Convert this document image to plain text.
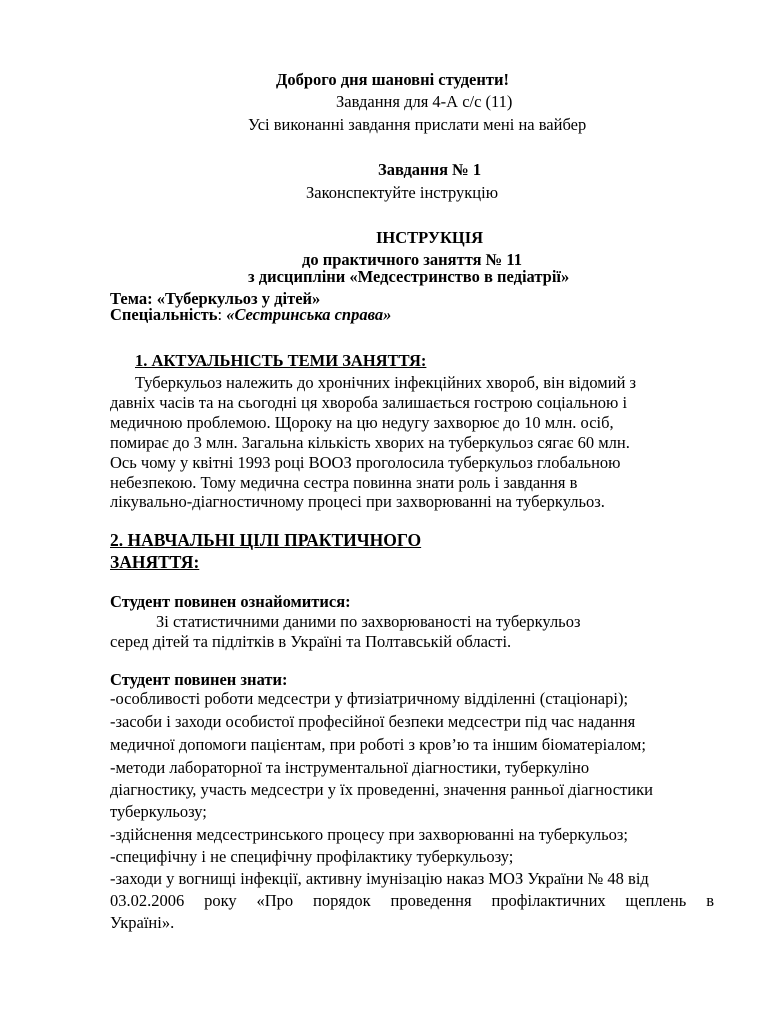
Доброго дня шановні студенти!
Завдання для 4-А с/с (11)
Усі виконанні завдання прислати мені на вайбер
Завдання № 1
Законспектуйте інструкцію
ІНСТРУКЦІЯ
до практичного заняття № 11
з дисципліни «Медсестринство в педіатрії»
Тема: «Туберкульоз у дітей»
Спеціальність: «Сестринська справа»
1. АКТУАЛЬНІСТЬ ТЕМИ ЗАНЯТТЯ:
Туберкульоз належить до хронічних інфекційних хвороб, він відомий з
давніх часів та на сьогодні ця хвороба залишається гострою соціальною і
медичною проблемою. Щороку на цю недугу захворює до 10 млн. осіб,
помирає до 3 млн. Загальна кількість хворих на туберкульоз сягає 60 млн.
Ось чому у квітні 1993 році ВООЗ проголосила туберкульоз глобальною
небезпекою. Тому медична сестра повинна знати роль і завдання в
лікувально-діагностичному процесі при захворюванні на туберкульоз.
2. НАВЧАЛЬНІ ЦІЛІ ПРАКТИЧНОГО
ЗАНЯТТЯ:
Студент повинен ознайомитися:
Зі статистичними даними по захворюваності на туберкульоз
серед дітей та підлітків в Україні та Полтавській області.
Студент повинен знати:
-особливості роботи медсестри у фтизіатричному відділенні (стаціонарі);
-засоби і заходи особистої професійної безпеки медсестри під час надання
медичної допомоги пацієнтам, при роботі з кров’ю та іншим біоматеріалом;
-методи лабораторної та інструментальної діагностики, туберкуліно
діагностику, участь медсестри у їх проведенні, значення ранньої діагностики
туберкульозу;
-здійснення медсестринського процесу при захворюванні на туберкульоз;
-специфічну і не специфічну профілактику туберкульозу;
-заходи у вогнищі інфекції, активну імунізацію наказ МОЗ України № 48 від
03.02.2006 року «Про порядок проведення профілактичних щеплень в
Україні».
